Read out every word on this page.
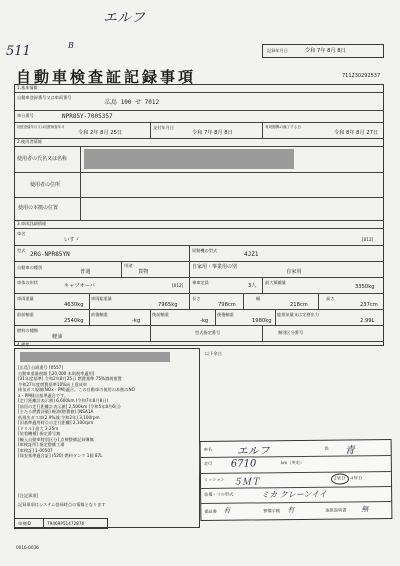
エルフ
511	B
記録年月日	令和 7年 8月 8日
自動車検査証記録事項	711230292537
1.基本情報
自動車登録番号又は車両番号
広島 100 せ 7012
車台番号	NPR85Y-7005357
初度登録年月又は初度検査年月
令和 2年 8月 25日
交付年月日
令和 7年 8月 8日
有効期間の満了する日
令和 8年 8月 27日
2.使用者情報
使用者の氏名又は名称
使用者の住所
使用の本拠の位置
3.車両詳細情報
車名
いすゞ	[012]
型式
2RG-NPR85YN
原動機の型式
4JZ1
自動車の種別
普通
用途
貨物
自家用・事業用の別
自家用
車体の形状
キャブオーバ	[012]
乗車定員
3人
最大積載量
3350kg
車両重量
4630kg
車両総重量
7965kg
長さ
798cm
幅
218cm
高さ
237cm
前前軸重
2540kg
前後軸重
-kg
後前軸重
-kg
後後軸重
1980kg
総排気量又は定格出力
2.99L
燃料の種類
軽油
型式指定番号	類別区分番号
4.備考
[広島] 自紙番号 [0557]
自動車重量税額 [\20,000 本則税率適用]
[31年度基準] 令和2年8月25日 燃費基準 75%減税措置
令和27年度燃費基準10%向上達成車
排気ガス規制(NOx・PM)適合。この自動車の使用の本拠のNO
x・PM排出基準適合です。
[走行距離計表示値] 6,600km (令和7年8月8日)
[前回の走行距離計表示値] 2,500km (令和5年8月6日)
[主たる燃費評価] 軽油(燃費値) [NSA1A
低排出ガス車(2.9%減:令和2年) 3,100rpm
[旧基準適用時点の走行距離] 2,100rpm
[ドリル] 最大 3.25m
[装着機種] 指定番号無
[輸入自動車特別区分] 点検整備記録簿無
[車検証所] 指定整備工場
[車検証] 1-00507
[保安基準適合証] (520) 燃料タンク 1個 87L
以下余白
[注記事項]
記録事項はシステム登録時点の情報となります
車検ID	79469P51472876
0016-0036
車名 エルフ	色 青
走行 6710	km（実走）
ミッション ５ＭＴ	２ＷＤ・４ＷＤ
装備・フル型式	ミカ クレーンイイ
保証書 有	整備手帳 有	取扱説明書 無
